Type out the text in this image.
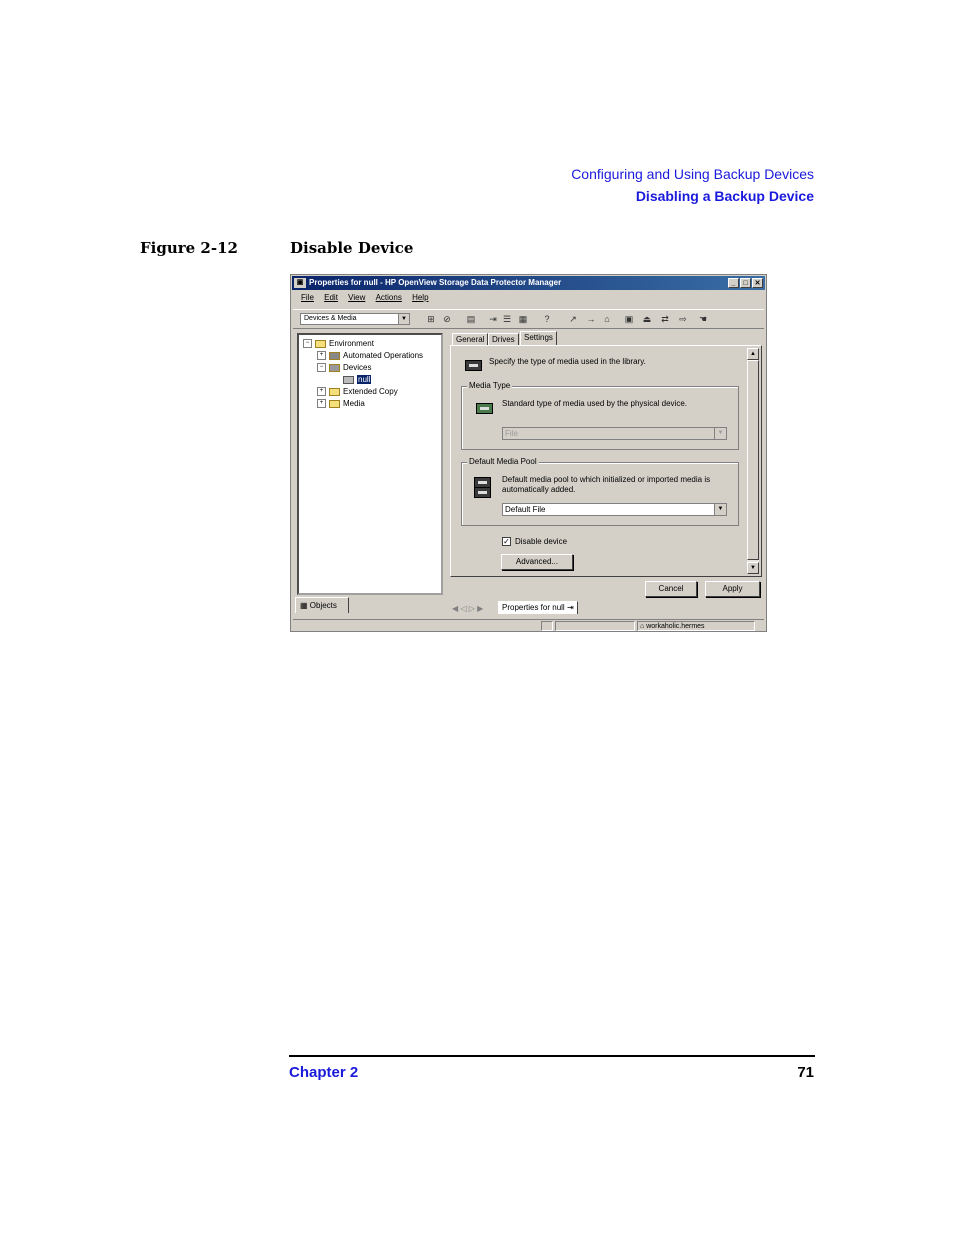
Configuring and Using Backup Devices
Disabling a Backup Device
Figure 2-12	Disable Device
▣ Properties for null - HP OpenView Storage Data Protector Manager	_	□ ✕
File Edit View Actions Help
Devices & Media	▼ ⊞ ⊘ ▤ ⇥ ☰ ▦	?	↗ → ⌂	▣ ⏏ ⇄ ⇨ ☚
− Environment
+ Automated Operations
− Devices
null
+ Extended Copy
+ Media
▦ Objects
General Drives	Settings
Specify the type of media used in the library.
Media Type
Standard type of media used by the physical device.
File	▼
Default Media Pool
Default media pool to which initialized or imported media is
automatically added.
Default File	▼
✓ Disable device
Advanced...
▲
▼
Cancel	Apply
◀ ◁ ▷ ▶	Properties for null ⇥
⌂ workaholic.hermes
Chapter 2	71
